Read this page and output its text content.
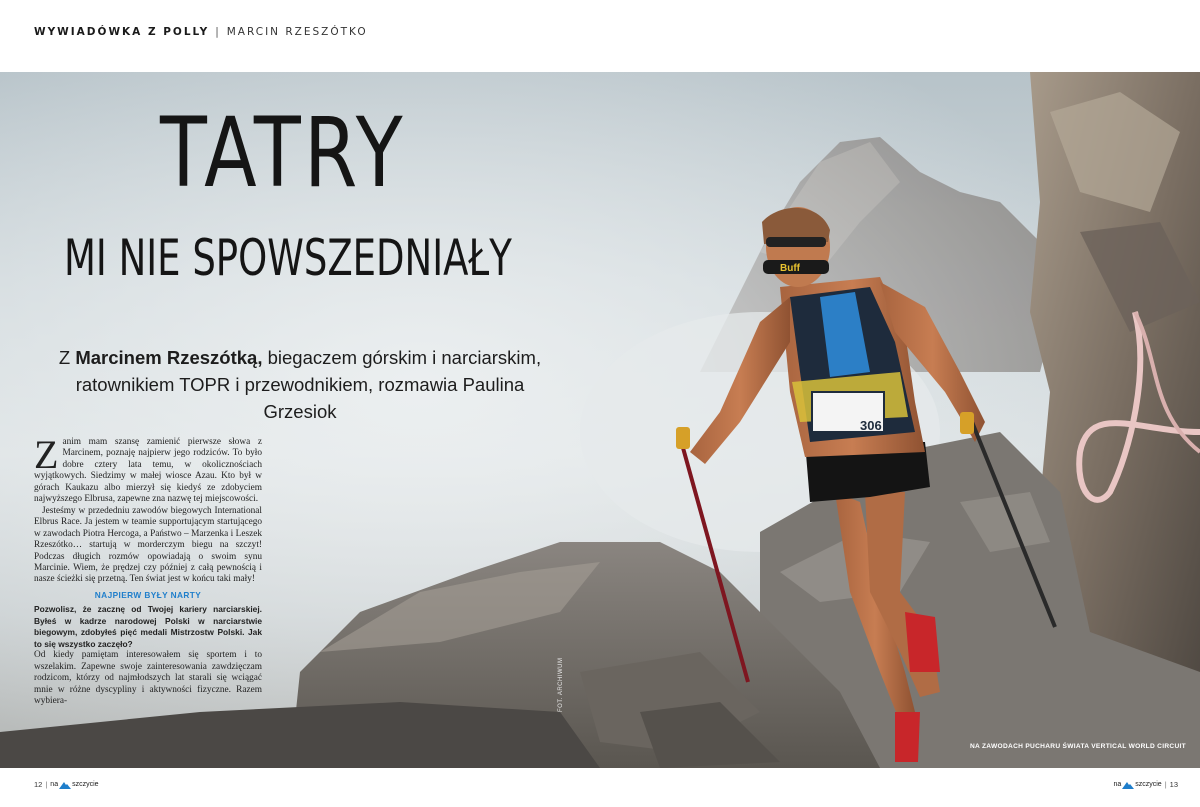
WYWIADÓWKA Z POLLY | MARCIN RZESZÓTKO
306
Buff
TATRY
MI NIE SPOWSZEDNIAŁY
Z Marcinem Rzeszótką, biegaczem górskim i narciarskim,
ratownikiem TOPR i przewodnikiem, rozmawia Paulina Grzesiok

Zanim mam szansę zamienić pierwsze słowa z Marcinem, poznaję najpierw jego rodziców. To było dobre cztery lata temu, w okolicznościach wyjątkowych. Siedzimy w małej wiosce Azau. Kto był w górach Kaukazu albo mierzył się kiedyś ze zdobyciem najwyższego Elbrusa, zapewne zna nazwę tej miejscowości.

Jesteśmy w przededniu zawodów biegowych International Elbrus Race. Ja jestem w teamie supportującym startującego w zawodach Piotra Hercoga, a Państwo – Marzenka i Leszek Rzeszótko… startują w morderczym biegu na szczyt! Podczas długich rozmów opowiadają o swoim synu Marcinie. Wiem, że prędzej czy później z całą pewnością i nasze ścieżki się przetną. Ten świat jest w końcu taki mały!

NAJPIERW BYŁY NARTY

Pozwolisz, że zacznę od Twojej kariery narciarskiej. Byłeś w kadrze narodowej Polski w narciarstwie biegowym, zdobyłeś pięć medali Mistrzostw Polski. Jak to się wszystko zaczęło?

Od kiedy pamiętam interesowałem się sportem i to wszelakim. Zapewne swoje zainteresowania zawdzięczam rodzicom, którzy od najmłodszych lat starali się wciągać mnie w różne dyscypliny i aktywności fizyczne. Razem wybiera-	FOT. ARCHIWUM
NA ZAWODACH PUCHARU ŚWIATA VERTICAL WORLD CIRCUIT
12 | na szczycie	na szczycie | 13
